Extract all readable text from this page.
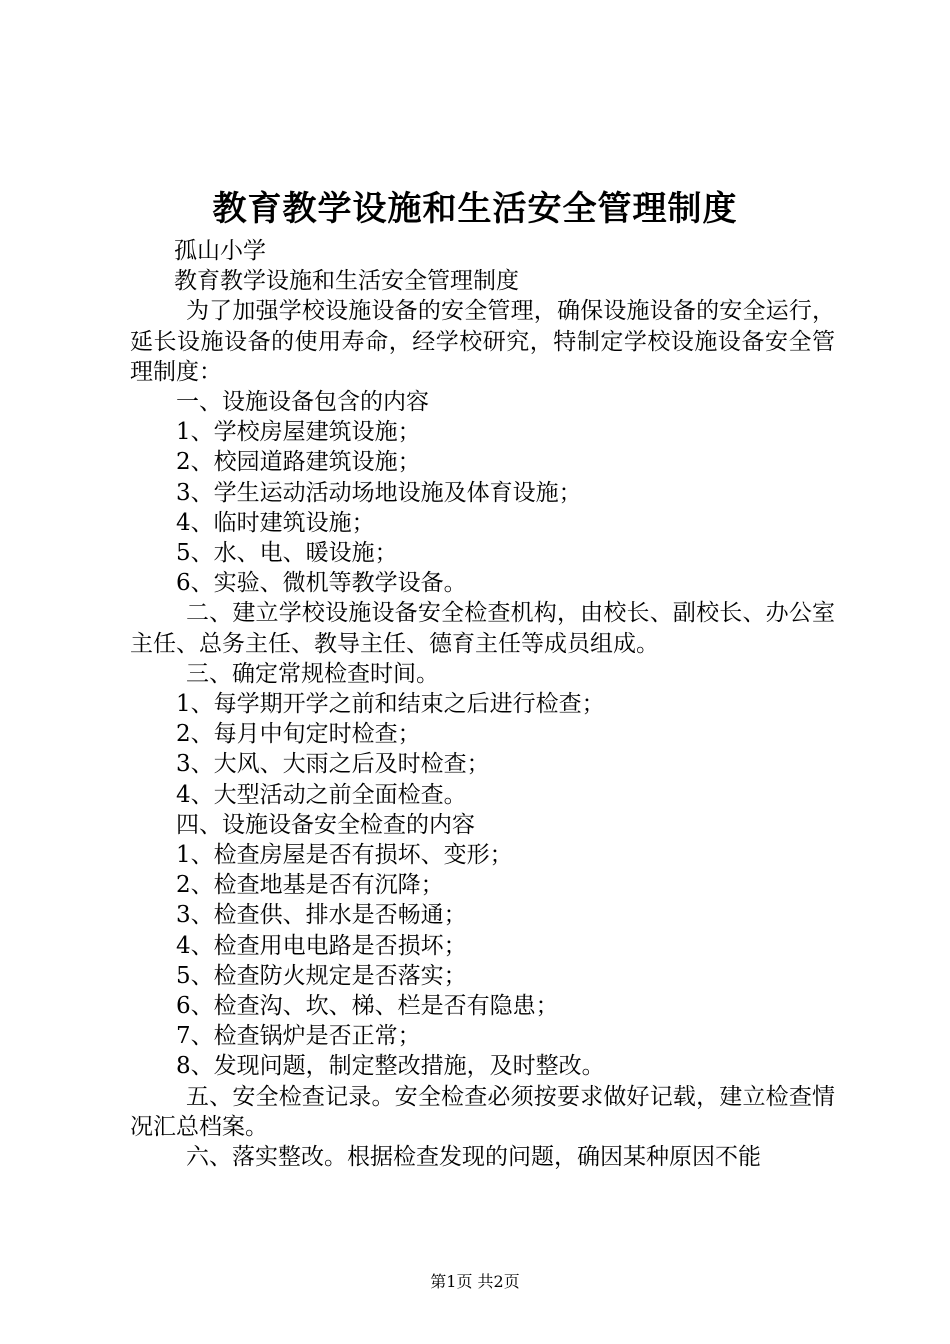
教育教学设施和生活安全管理制度

孤山小学

教育教学设施和生活安全管理制度

为了加强学校设施设备的安全管理，确保设施设备的安全运行，延长设施设备的使用寿命，经学校研究，特制定学校设施设备安全管理制度：

一、设施设备包含的内容

1、学校房屋建筑设施；

2、校园道路建筑设施；

3、学生运动活动场地设施及体育设施；

4、临时建筑设施；

5、水、电、暖设施；

6、实验、微机等教学设备。

二、建立学校设施设备安全检查机构，由校长、副校长、办公室主任、总务主任、教导主任、德育主任等成员组成。

三、确定常规检查时间。

1、每学期开学之前和结束之后进行检查；

2、每月中旬定时检查；

3、大风、大雨之后及时检查；

4、大型活动之前全面检查。

四、设施设备安全检查的内容

1、检查房屋是否有损坏、变形；

2、检查地基是否有沉降；

3、检查供、排水是否畅通；

4、检查用电电路是否损坏；

5、检查防火规定是否落实；

6、检查沟、坎、梯、栏是否有隐患；

7、检查锅炉是否正常；

8、发现问题，制定整改措施，及时整改。

五、安全检查记录。安全检查必须按要求做好记载，建立检查情况汇总档案。

六、落实整改。根据检查发现的问题，确因某种原因不能

第1页 共2页
